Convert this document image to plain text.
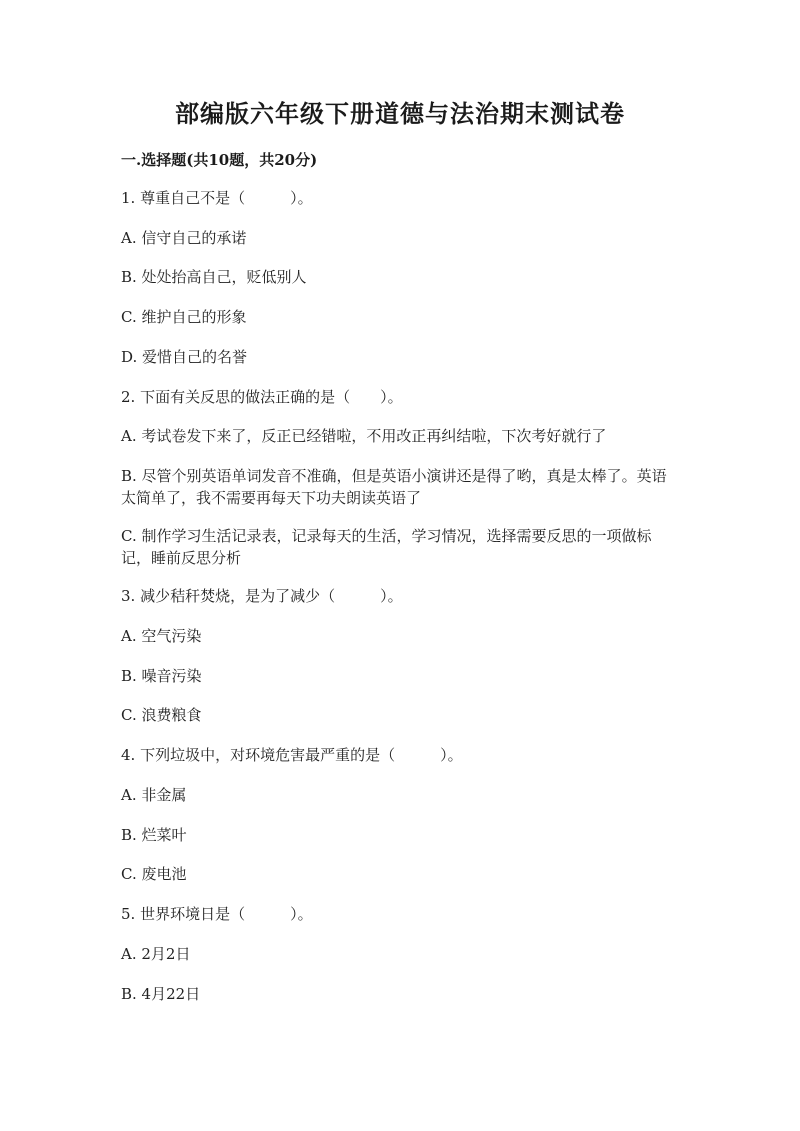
部编版六年级下册道德与法治期末测试卷
一.选择题(共10题，共20分)
1. 尊重自己不是（　　　）。
A. 信守自己的承诺
B. 处处抬高自己，贬低别人
C. 维护自己的形象
D. 爱惜自己的名誉
2. 下面有关反思的做法正确的是（　　）。
A. 考试卷发下来了，反正已经错啦，不用改正再纠结啦，下次考好就行了
B. 尽管个别英语单词发音不准确，但是英语小演讲还是得了哟，真是太棒了。英语太简单了，我不需要再每天下功夫朗读英语了
C. 制作学习生活记录表，记录每天的生活，学习情况，选择需要反思的一项做标记，睡前反思分析
3. 减少秸秆焚烧，是为了减少（　　　）。
A. 空气污染
B. 噪音污染
C. 浪费粮食
4. 下列垃圾中，对环境危害最严重的是（　　　）。
A. 非金属
B. 烂菜叶
C. 废电池
5. 世界环境日是（　　　）。
A. 2月2日
B. 4月22日
